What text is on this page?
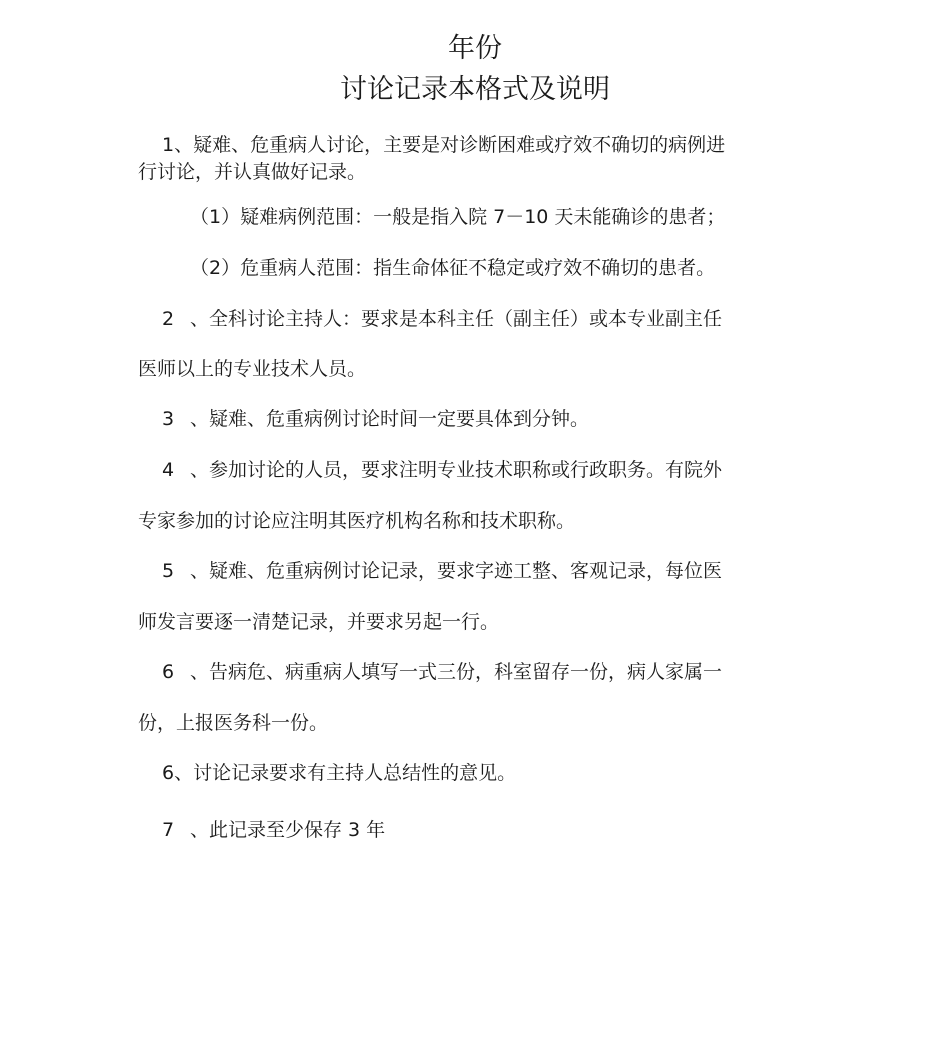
年份
讨论记录本格式及说明
1、疑难、危重病人讨论，主要是对诊断困难或疗效不确切的病例进
行讨论，并认真做好记录。
（1）疑难病例范围：一般是指入院 7－10 天未能确诊的患者；
（2）危重病人范围：指生命体征不稳定或疗效不确切的患者。
2 、全科讨论主持人：要求是本科主任（副主任）或本专业副主任
医师以上的专业技术人员。
3 、疑难、危重病例讨论时间一定要具体到分钟。
4 、参加讨论的人员，要求注明专业技术职称或行政职务。有院外
专家参加的讨论应注明其医疗机构名称和技术职称。
5 、疑难、危重病例讨论记录，要求字迹工整、客观记录，每位医
师发言要逐一清楚记录，并要求另起一行。
6 、告病危、病重病人填写一式三份，科室留存一份，病人家属一
份，上报医务科一份。
6、讨论记录要求有主持人总结性的意见。
7 、此记录至少保存 3 年
